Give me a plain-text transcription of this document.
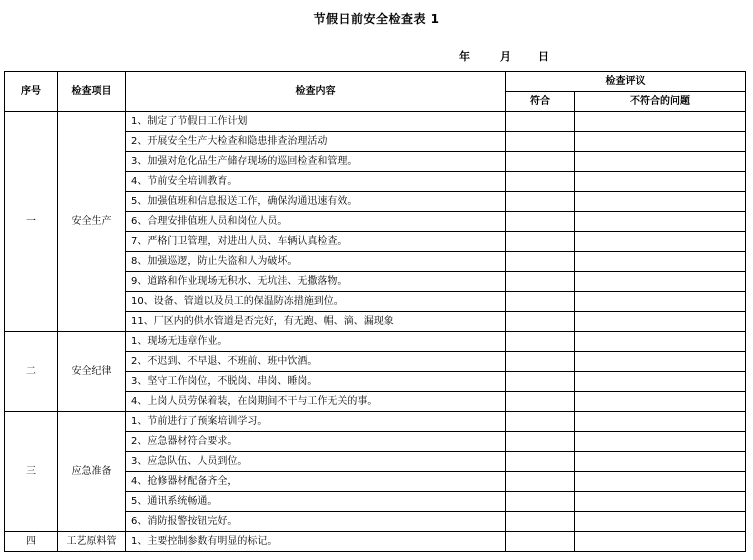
节假日前安全检查表 1
年	月 日
序号	检查项目	检查内容	检查评议	
			符合	不符合的问题
一	安全生产	1、制定了节假日工作计划		
		2、开展安全生产大检查和隐患排查治理活动		
		3、加强对危化品生产储存现场的巡回检查和管理。		
		4、节前安全培训教育。		
		5、加强值班和信息报送工作，确保沟通迅速有效。		
		6、合理安排值班人员和岗位人员。		
		7、严格门卫管理，对进出人员、车辆认真检查。		
		8、加强巡逻，防止失盗和人为破坏。		
		9、道路和作业现场无积水、无坑洼、无撒落物。		
		10、设备、管道以及员工的保温防冻措施到位。		
		11、厂区内的供水管道是否完好，有无跑、帽、滴、漏现象		
二	安全纪律	1、现场无违章作业。		
		2、不迟到、不早退、不班前、班中饮酒。		
		3、坚守工作岗位，不脱岗、串岗、睡岗。		
		4、上岗人员劳保着装，在岗期间不干与工作无关的事。		
三	应急准备	1、节前进行了预案培训学习。		
		2、应急器材符合要求。		
		3、应急队伍、人员到位。		
		4、抢修器材配备齐全，		
		5、通讯系统畅通。		
		6、消防报警按钮完好。		
四	工艺原料管	1、主要控制参数有明显的标记。		
